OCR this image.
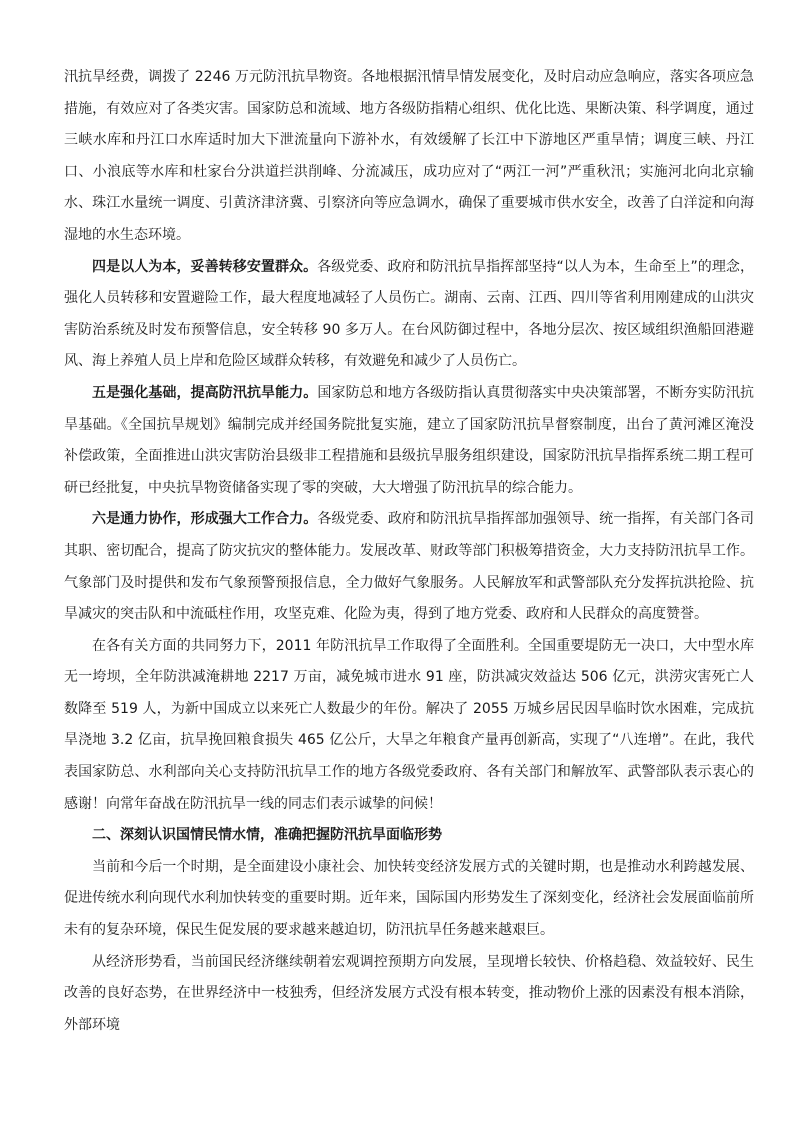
汛抗旱经费，调拨了 2246 万元防汛抗旱物资。各地根据汛情旱情发展变化，及时启动应急响应，落实各项应急措施，有效应对了各类灾害。国家防总和流域、地方各级防指精心组织、优化比选、果断决策、科学调度，通过三峡水库和丹江口水库适时加大下泄流量向下游补水，有效缓解了长江中下游地区严重旱情；调度三峡、丹江口、小浪底等水库和杜家台分洪道拦洪削峰、分流减压，成功应对了“两江一河”严重秋汛；实施河北向北京输水、珠江水量统一调度、引黄济津济冀、引察济向等应急调水，确保了重要城市供水安全，改善了白洋淀和向海湿地的水生态环境。

四是以人为本，妥善转移安置群众。各级党委、政府和防汛抗旱指挥部坚持“以人为本，生命至上”的理念，强化人员转移和安置避险工作，最大程度地减轻了人员伤亡。湖南、云南、江西、四川等省利用刚建成的山洪灾害防治系统及时发布预警信息，安全转移 90 多万人。在台风防御过程中，各地分层次、按区域组织渔船回港避风、海上养殖人员上岸和危险区域群众转移，有效避免和减少了人员伤亡。

五是强化基础，提高防汛抗旱能力。国家防总和地方各级防指认真贯彻落实中央决策部署，不断夯实防汛抗旱基础。《全国抗旱规划》编制完成并经国务院批复实施，建立了国家防汛抗旱督察制度，出台了黄河滩区淹没补偿政策，全面推进山洪灾害防治县级非工程措施和县级抗旱服务组织建设，国家防汛抗旱指挥系统二期工程可研已经批复，中央抗旱物资储备实现了零的突破，大大增强了防汛抗旱的综合能力。

六是通力协作，形成强大工作合力。各级党委、政府和防汛抗旱指挥部加强领导、统一指挥，有关部门各司其职、密切配合，提高了防灾抗灾的整体能力。发展改革、财政等部门积极筹措资金，大力支持防汛抗旱工作。气象部门及时提供和发布气象预警预报信息，全力做好气象服务。人民解放军和武警部队充分发挥抗洪抢险、抗旱减灾的突击队和中流砥柱作用，攻坚克难、化险为夷，得到了地方党委、政府和人民群众的高度赞誉。

在各有关方面的共同努力下，2011 年防汛抗旱工作取得了全面胜利。全国重要堤防无一决口，大中型水库无一垮坝，全年防洪减淹耕地 2217 万亩，减免城市进水 91 座，防洪减灾效益达 506 亿元，洪涝灾害死亡人数降至 519 人，为新中国成立以来死亡人数最少的年份。解决了 2055 万城乡居民因旱临时饮水困难，完成抗旱浇地 3.2 亿亩，抗旱挽回粮食损失 465 亿公斤，大旱之年粮食产量再创新高，实现了“八连增”。在此，我代表国家防总、水利部向关心支持防汛抗旱工作的地方各级党委政府、各有关部门和解放军、武警部队表示衷心的感谢！向常年奋战在防汛抗旱一线的同志们表示诚挚的问候！

二、深刻认识国情民情水情，准确把握防汛抗旱面临形势

当前和今后一个时期，是全面建设小康社会、加快转变经济发展方式的关键时期，也是推动水利跨越发展、促进传统水利向现代水利加快转变的重要时期。近年来，国际国内形势发生了深刻变化，经济社会发展面临前所未有的复杂环境，保民生促发展的要求越来越迫切，防汛抗旱任务越来越艰巨。

从经济形势看，当前国民经济继续朝着宏观调控预期方向发展，呈现增长较快、价格趋稳、效益较好、民生改善的良好态势，在世界经济中一枝独秀，但经济发展方式没有根本转变，推动物价上涨的因素没有根本消除，外部环境
